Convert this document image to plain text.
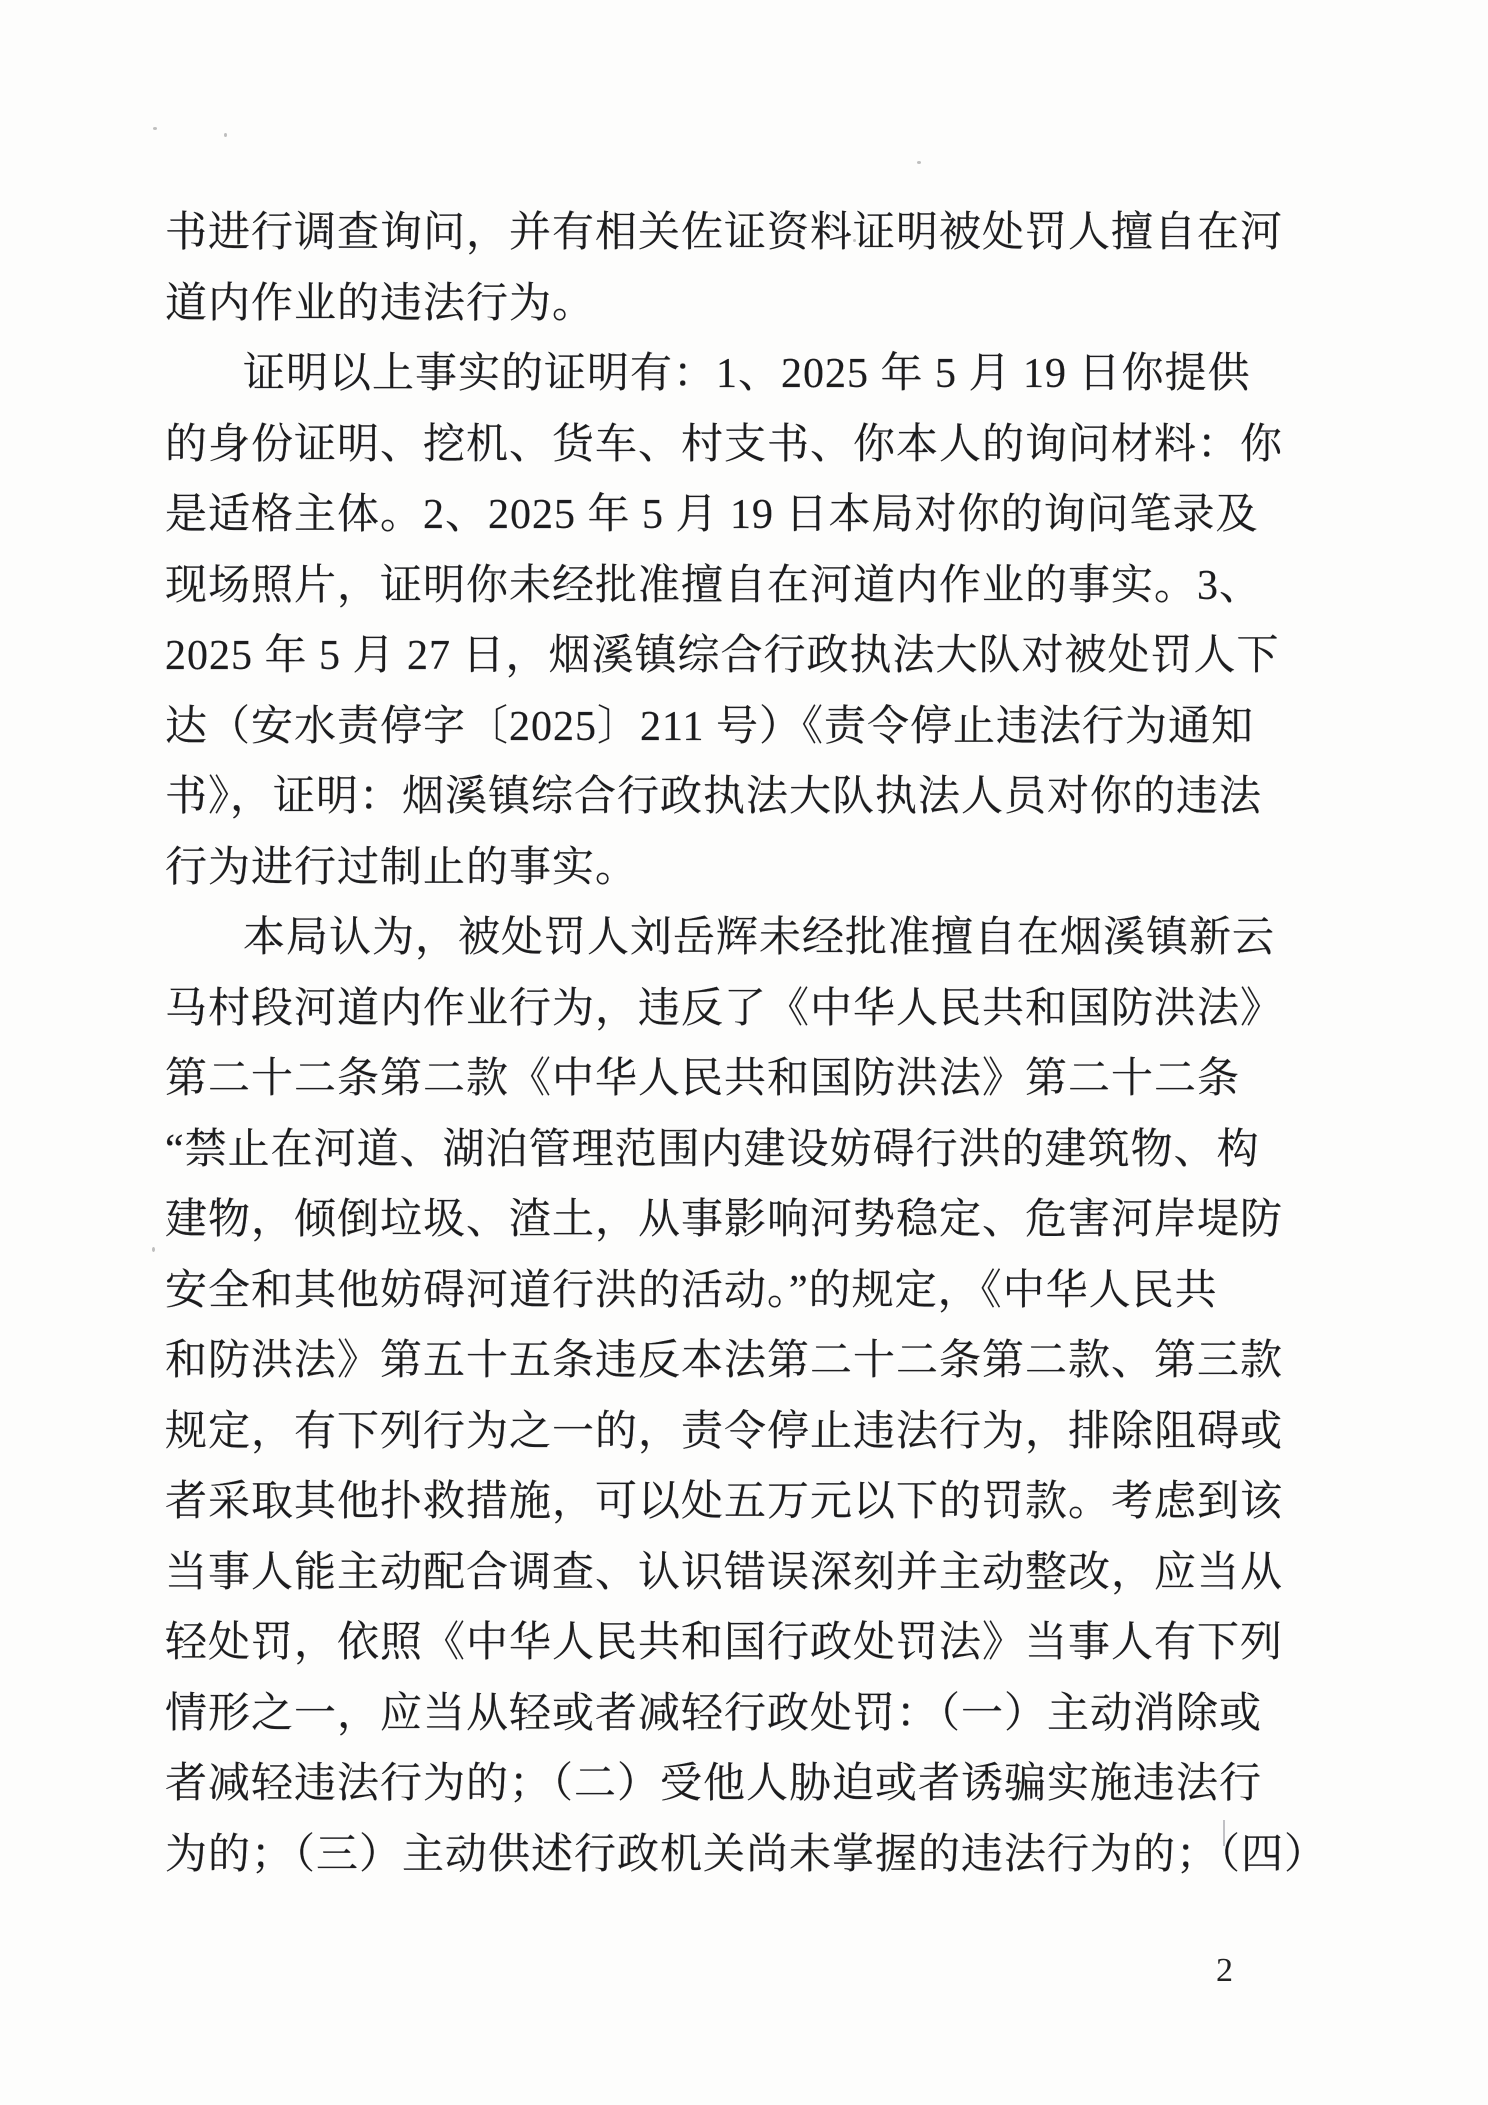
书进行调查询问，并有相关佐证资料证明被处罚人擅自在河
道内作业的违法行为。
证明以上事实的证明有：1、2025 年 5 月 19 日你提供
的身份证明、挖机、货车、村支书、你本人的询问材料：你
是适格主体。2、2025 年 5 月 19 日本局对你的询问笔录及
现场照片，证明你未经批准擅自在河道内作业的事实。3、
2025 年 5 月 27 日，烟溪镇综合行政执法大队对被处罚人下
达（安水责停字〔2025〕211 号）《责令停止违法行为通知
书》，证明：烟溪镇综合行政执法大队执法人员对你的违法
行为进行过制止的事实。
本局认为，被处罚人刘岳辉未经批准擅自在烟溪镇新云
马村段河道内作业行为，违反了《中华人民共和国防洪法》
第二十二条第二款《中华人民共和国防洪法》第二十二条
“禁止在河道、湖泊管理范围内建设妨碍行洪的建筑物、构
建物，倾倒垃圾、渣土，从事影响河势稳定、危害河岸堤防
安全和其他妨碍河道行洪的活动。”的规定，《中华人民共
和防洪法》第五十五条违反本法第二十二条第二款、第三款
规定，有下列行为之一的，责令停止违法行为，排除阻碍或
者采取其他扑救措施，可以处五万元以下的罚款。考虑到该
当事人能主动配合调查、认识错误深刻并主动整改，应当从
轻处罚，依照《中华人民共和国行政处罚法》当事人有下列
情形之一，应当从轻或者减轻行政处罚：（一）主动消除或
者减轻违法行为的；（二）受他人胁迫或者诱骗实施违法行
为的；（三）主动供述行政机关尚未掌握的违法行为的；（四）
2
